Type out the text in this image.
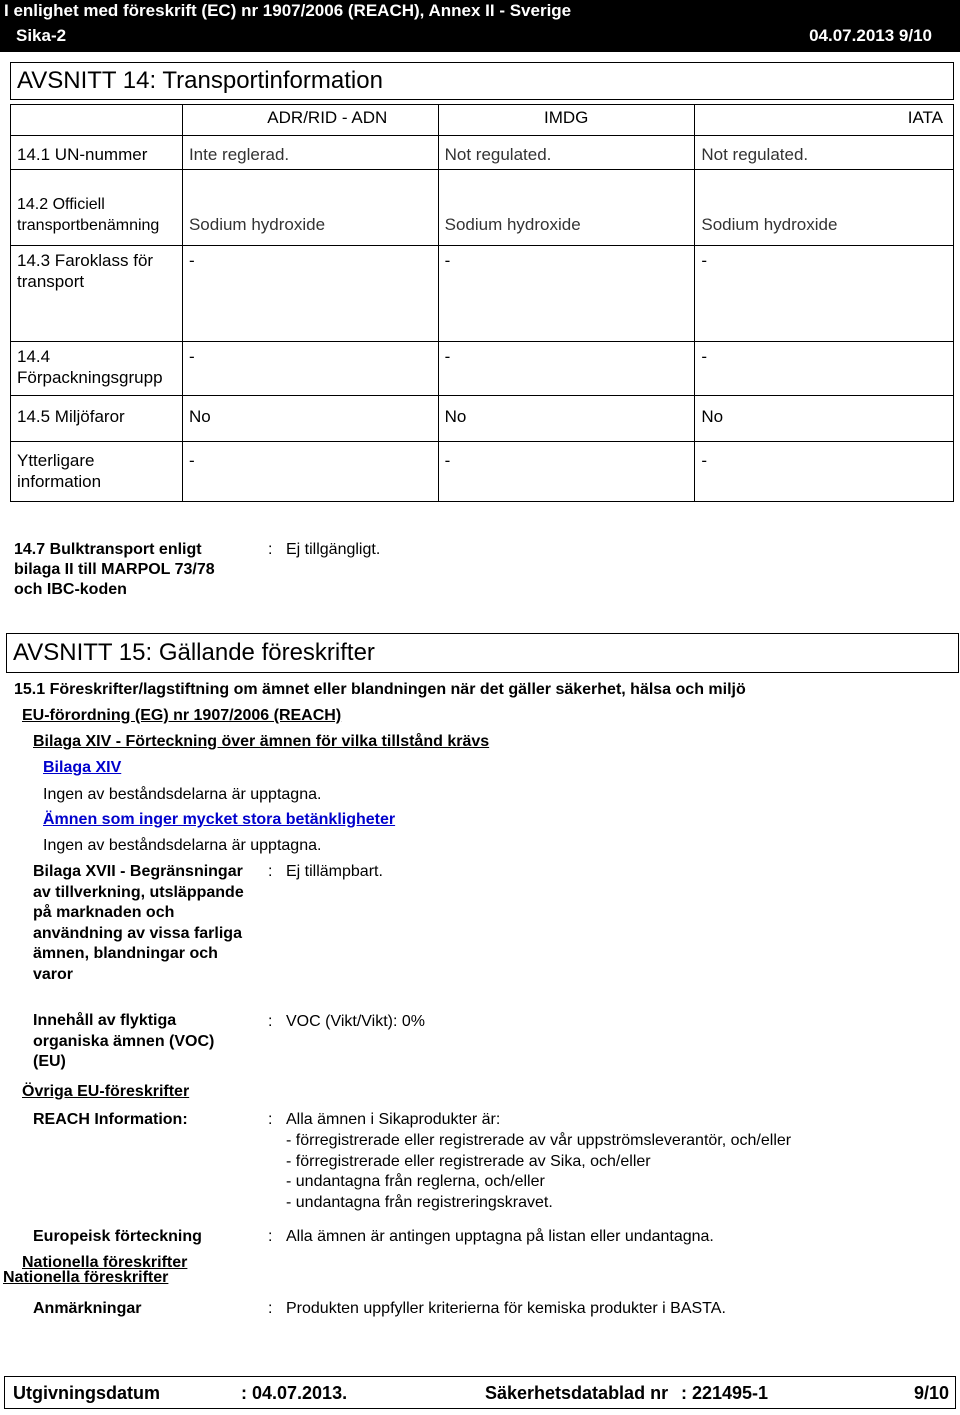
I enlighet med föreskrift (EC) nr 1907/2006 (REACH), Annex II - Sverige
Sika-2	04.07.2013 9/10
AVSNITT 14: Transportinformation
	ADR/RID - ADN	IMDG	IATA
14.1 UN-nummer	Inte reglerad.	Not regulated.	Not regulated.
14.2 Officiell transportbenämning	Sodium hydroxide	Sodium hydroxide	Sodium hydroxide
14.3 Faroklass för transport	-	-	-
14.4 Förpackningsgrupp	-	-	-
14.5 Miljöfaror	No	No	No
Ytterligare information	-	-	-
14.7 Bulktransport enligt bilaga II till MARPOL 73/78 och IBC-koden
: Ej tillgängligt.
AVSNITT 15: Gällande föreskrifter
15.1 Föreskrifter/lagstiftning om ämnet eller blandningen när det gäller säkerhet, hälsa och miljö
EU-förordning (EG) nr 1907/2006 (REACH)
Bilaga XIV - Förteckning över ämnen för vilka tillstånd krävs
Bilaga XIV
Ingen av beståndsdelarna är upptagna.
Ämnen som inger mycket stora betänkligheter
Ingen av beståndsdelarna är upptagna.
Bilaga XVII - Begränsningar av tillverkning, utsläppande på marknaden och användning av vissa farliga ämnen, blandningar och varor
: Ej tillämpbart.
Innehåll av flyktiga organiska ämnen (VOC) (EU)
: VOC (Vikt/Vikt): 0%
Övriga EU-föreskrifter
REACH Information:	: Alla ämnen i Sikaprodukter är:
- förregistrerade eller registrerade av vår uppströmsleverantör, och/eller
- förregistrerade eller registrerade av Sika, och/eller
- undantagna från reglerna, och/eller
- undantagna från registreringskravet.
Europeisk förteckning	: Alla ämnen är antingen upptagna på listan eller undantagna.
Nationella föreskrifter
Nationella föreskrifter
Anmärkningar	: Produkten uppfyller kriterierna för kemiska produkter i BASTA.
Utgivningsdatum	: 04.07.2013.	Säkerhetsdatablad nr : 221495-1	9/10
